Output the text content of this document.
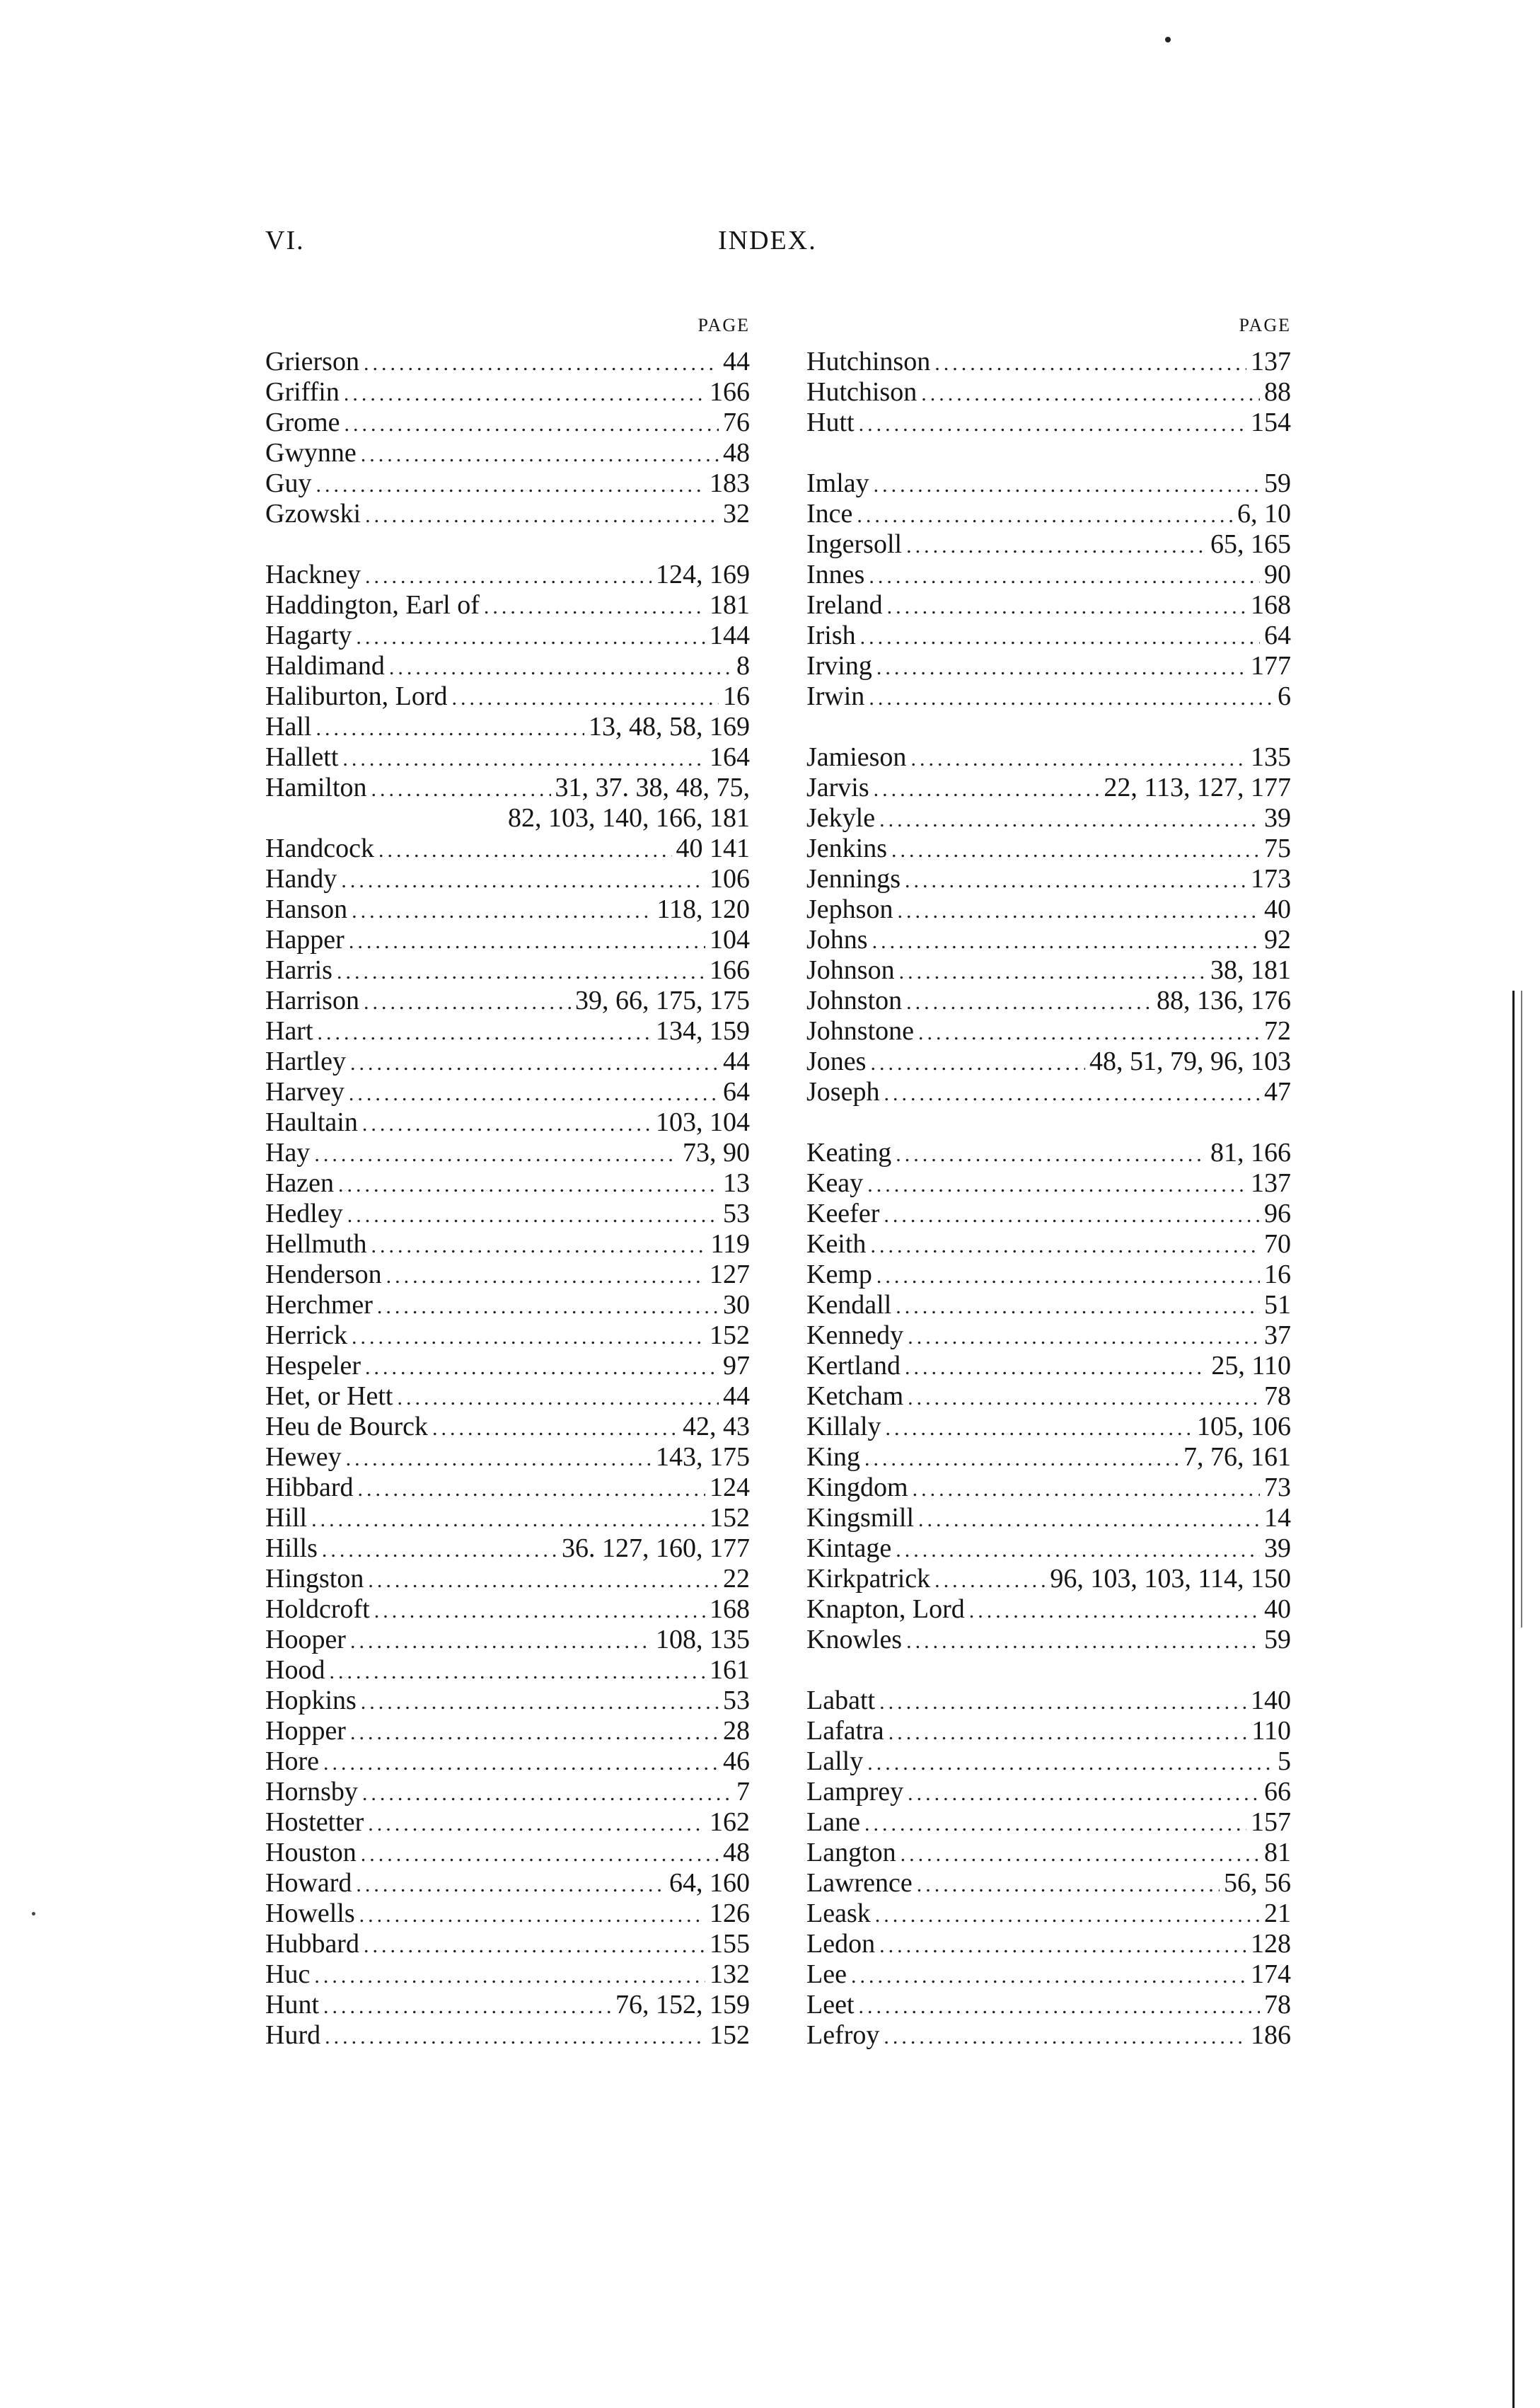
VI.	INDEX.
PAGE
Grierson .....	44
Griffin .....	166
Grome .....	76
Gwynne .....	48
Guy .....	183
Gzowski .....	32
Hackney .....	124, 169
Haddington, Earl of .....	181
Hagarty .....	144
Haldimand .....	8
Haliburton, Lord .....	16
Hall .....	13, 48, 58, 169
Hallett .....	164
Hamilton .....	31, 37. 38, 48, 75,
82, 103, 140, 166, 181
Handcock .....	40 141
Handy .....	106
Hanson .....	118, 120
Happer .....	104
Harris .....	166
Harrison .....	39, 66, 175, 175
Hart .....	134, 159
Hartley .....	44
Harvey .....	64
Haultain .....	103, 104
Hay .....	73, 90
Hazen .....	13
Hedley .....	53
Hellmuth .....	119
Henderson .....	127
Herchmer .....	30
Herrick .....	152
Hespeler .....	97
Het, or Hett .....	44
Heu de Bourck .....	42, 43
Hewey .....	143, 175
Hibbard .....	124
Hill .....	152
Hills .....	36. 127, 160, 177
Hingston .....	22
Holdcroft .....	168
Hooper .....	108, 135
Hood .....	161
Hopkins .....	53
Hopper .....	28
Hore .....	46
Hornsby .....	7
Hostetter .....	162
Houston .....	48
Howard .....	64, 160
Howells .....	126
Hubbard .....	155
Huc .....	132
Hunt .....	76, 152, 159
Hurd .....	152
PAGE
Hutchinson .....	137
Hutchison .....	88
Hutt .....	154
Imlay .....	59
Ince .....	6, 10
Ingersoll .....	65, 165
Innes .....	90
Ireland .....	168
Irish .....	64
Irving .....	177
Irwin .....	6
Jamieson .....	135
Jarvis .....	22, 113, 127, 177
Jekyle .....	39
Jenkins .....	75
Jennings .....	173
Jephson .....	40
Johns .....	92
Johnson .....	38, 181
Johnston .....	88, 136, 176
Johnstone .....	72
Jones .....	48, 51, 79, 96, 103
Joseph .....	47
Keating .....	81, 166
Keay .....	137
Keefer .....	96
Keith .....	70
Kemp .....	16
Kendall .....	51
Kennedy .....	37
Kertland .....	25, 110
Ketcham .....	78
Killaly .....	105, 106
King .....	7, 76, 161
Kingdom .....	73
Kingsmill .....	14
Kintage .....	39
Kirkpatrick .....	96, 103, 103, 114, 150
Knapton, Lord .....	40
Knowles .....	59
Labatt .....	140
Lafatra .....	110
Lally .....	5
Lamprey .....	66
Lane .....	157
Langton .....	81
Lawrence .....	56, 56
Leask .....	21
Ledon .....	128
Lee .....	174
Leet .....	78
Lefroy .....	186
